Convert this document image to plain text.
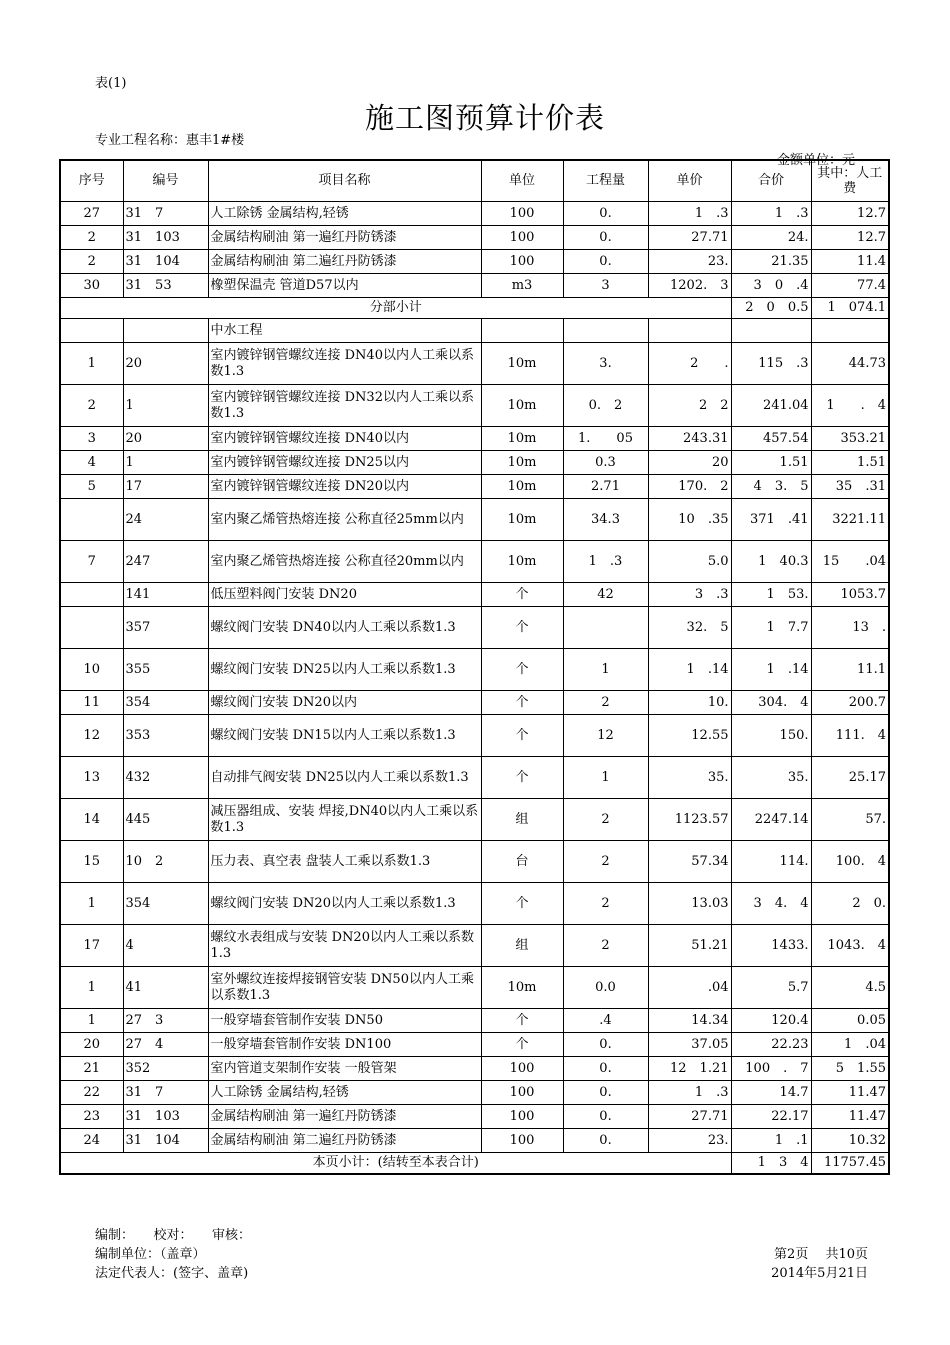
表(1)
施工图预算计价表
专业工程名称：惠丰1#楼
金额单位：元
序号	编号	项目名称	单位	工程量	单价	合价	其中：人工费
27	31　7	人工除锈 金属结构,轻锈	100	0.	1　.3	1　.3	12.7
2	31　103	金属结构刷油 第一遍红丹防锈漆	100	0.	27.71	24.	12.7
2	31　104	金属结构刷油 第二遍红丹防锈漆	100	0.	23.	21.35	11.4
30	31　53	橡塑保温壳 管道D57以内	m3	3	1202.　3	3　0　.4	77.4
分部小计						2　0　0.5	1　074.1
		中水工程					
1	20	室内镀锌钢管螺纹连接 DN40以内人工乘以系数1.3	10m	3.	2　　.	115　.3	44.73
2	1	室内镀锌钢管螺纹连接 DN32以内人工乘以系数1.3	10m	0.　2	2　2	241.04	1　　.　4
3	20	室内镀锌钢管螺纹连接 DN40以内	10m	1.　　05	243.31	457.54	353.21
4	1	室内镀锌钢管螺纹连接 DN25以内	10m	0.3	20	1.51	1.51
5	17	室内镀锌钢管螺纹连接 DN20以内	10m	2.71	170.　2	4　3.　5	35　.31
	24	室内聚乙烯管热熔连接 公称直径25mm以内	10m	34.3	10　.35	371　.41	3221.11
7	247	室内聚乙烯管热熔连接 公称直径20mm以内	10m	1　.3	5.0	1　40.3	15　　.04
	141	低压塑料阀门安装 DN20	个	42	3　.3	1　53.	1053.7
	357	螺纹阀门安装 DN40以内人工乘以系数1.3	个		32.　5	1　7.7	13　.
10	355	螺纹阀门安装 DN25以内人工乘以系数1.3	个	1	1　.14	1　.14	11.1
11	354	螺纹阀门安装 DN20以内	个	2	10.	304.　4	200.7
12	353	螺纹阀门安装 DN15以内人工乘以系数1.3	个	12	12.55	150.	111.　4
13	432	自动排气阀安装 DN25以内人工乘以系数1.3	个	1	35.	35.	25.17
14	445	减压器组成、安装 焊接,DN40以内人工乘以系数1.3	组	2	1123.57	2247.14	57.
15	10　2	压力表、真空表 盘装人工乘以系数1.3	台	2	57.34	114.	100.　4
1	354	螺纹阀门安装 DN20以内人工乘以系数1.3	个	2	13.03	3　4.　4	2　0.
17	4	螺纹水表组成与安装 DN20以内人工乘以系数1.3	组	2	51.21	1433.	1043.　4
1	41	室外螺纹连接焊接钢管安装 DN50以内人工乘以系数1.3	10m	0.0	.04	5.7	4.5
1	27　3	一般穿墙套管制作安装 DN50	个	.4	14.34	120.4	0.05
20	27　4	一般穿墙套管制作安装 DN100	个	0.	37.05	22.23	1　.04
21	352	室内管道支架制作安装 一般管架	100	0.	12　1.21	100　.　7	5　1.55
22	31　7	人工除锈 金属结构,轻锈	100	0.	1　.3	14.7	11.47
23	31　103	金属结构刷油 第一遍红丹防锈漆	100	0.	27.71	22.17	11.47
24	31　104	金属结构刷油 第二遍红丹防锈漆	100	0.	23.	1　.1	10.32
本页小计：(结转至本表合计)						1　3　4	11757.45
编制：　　校对：　　审核：
编制单位：（盖章）
法定代表人：(签字、盖章)
第2页　 共10页
2014年5月21日
